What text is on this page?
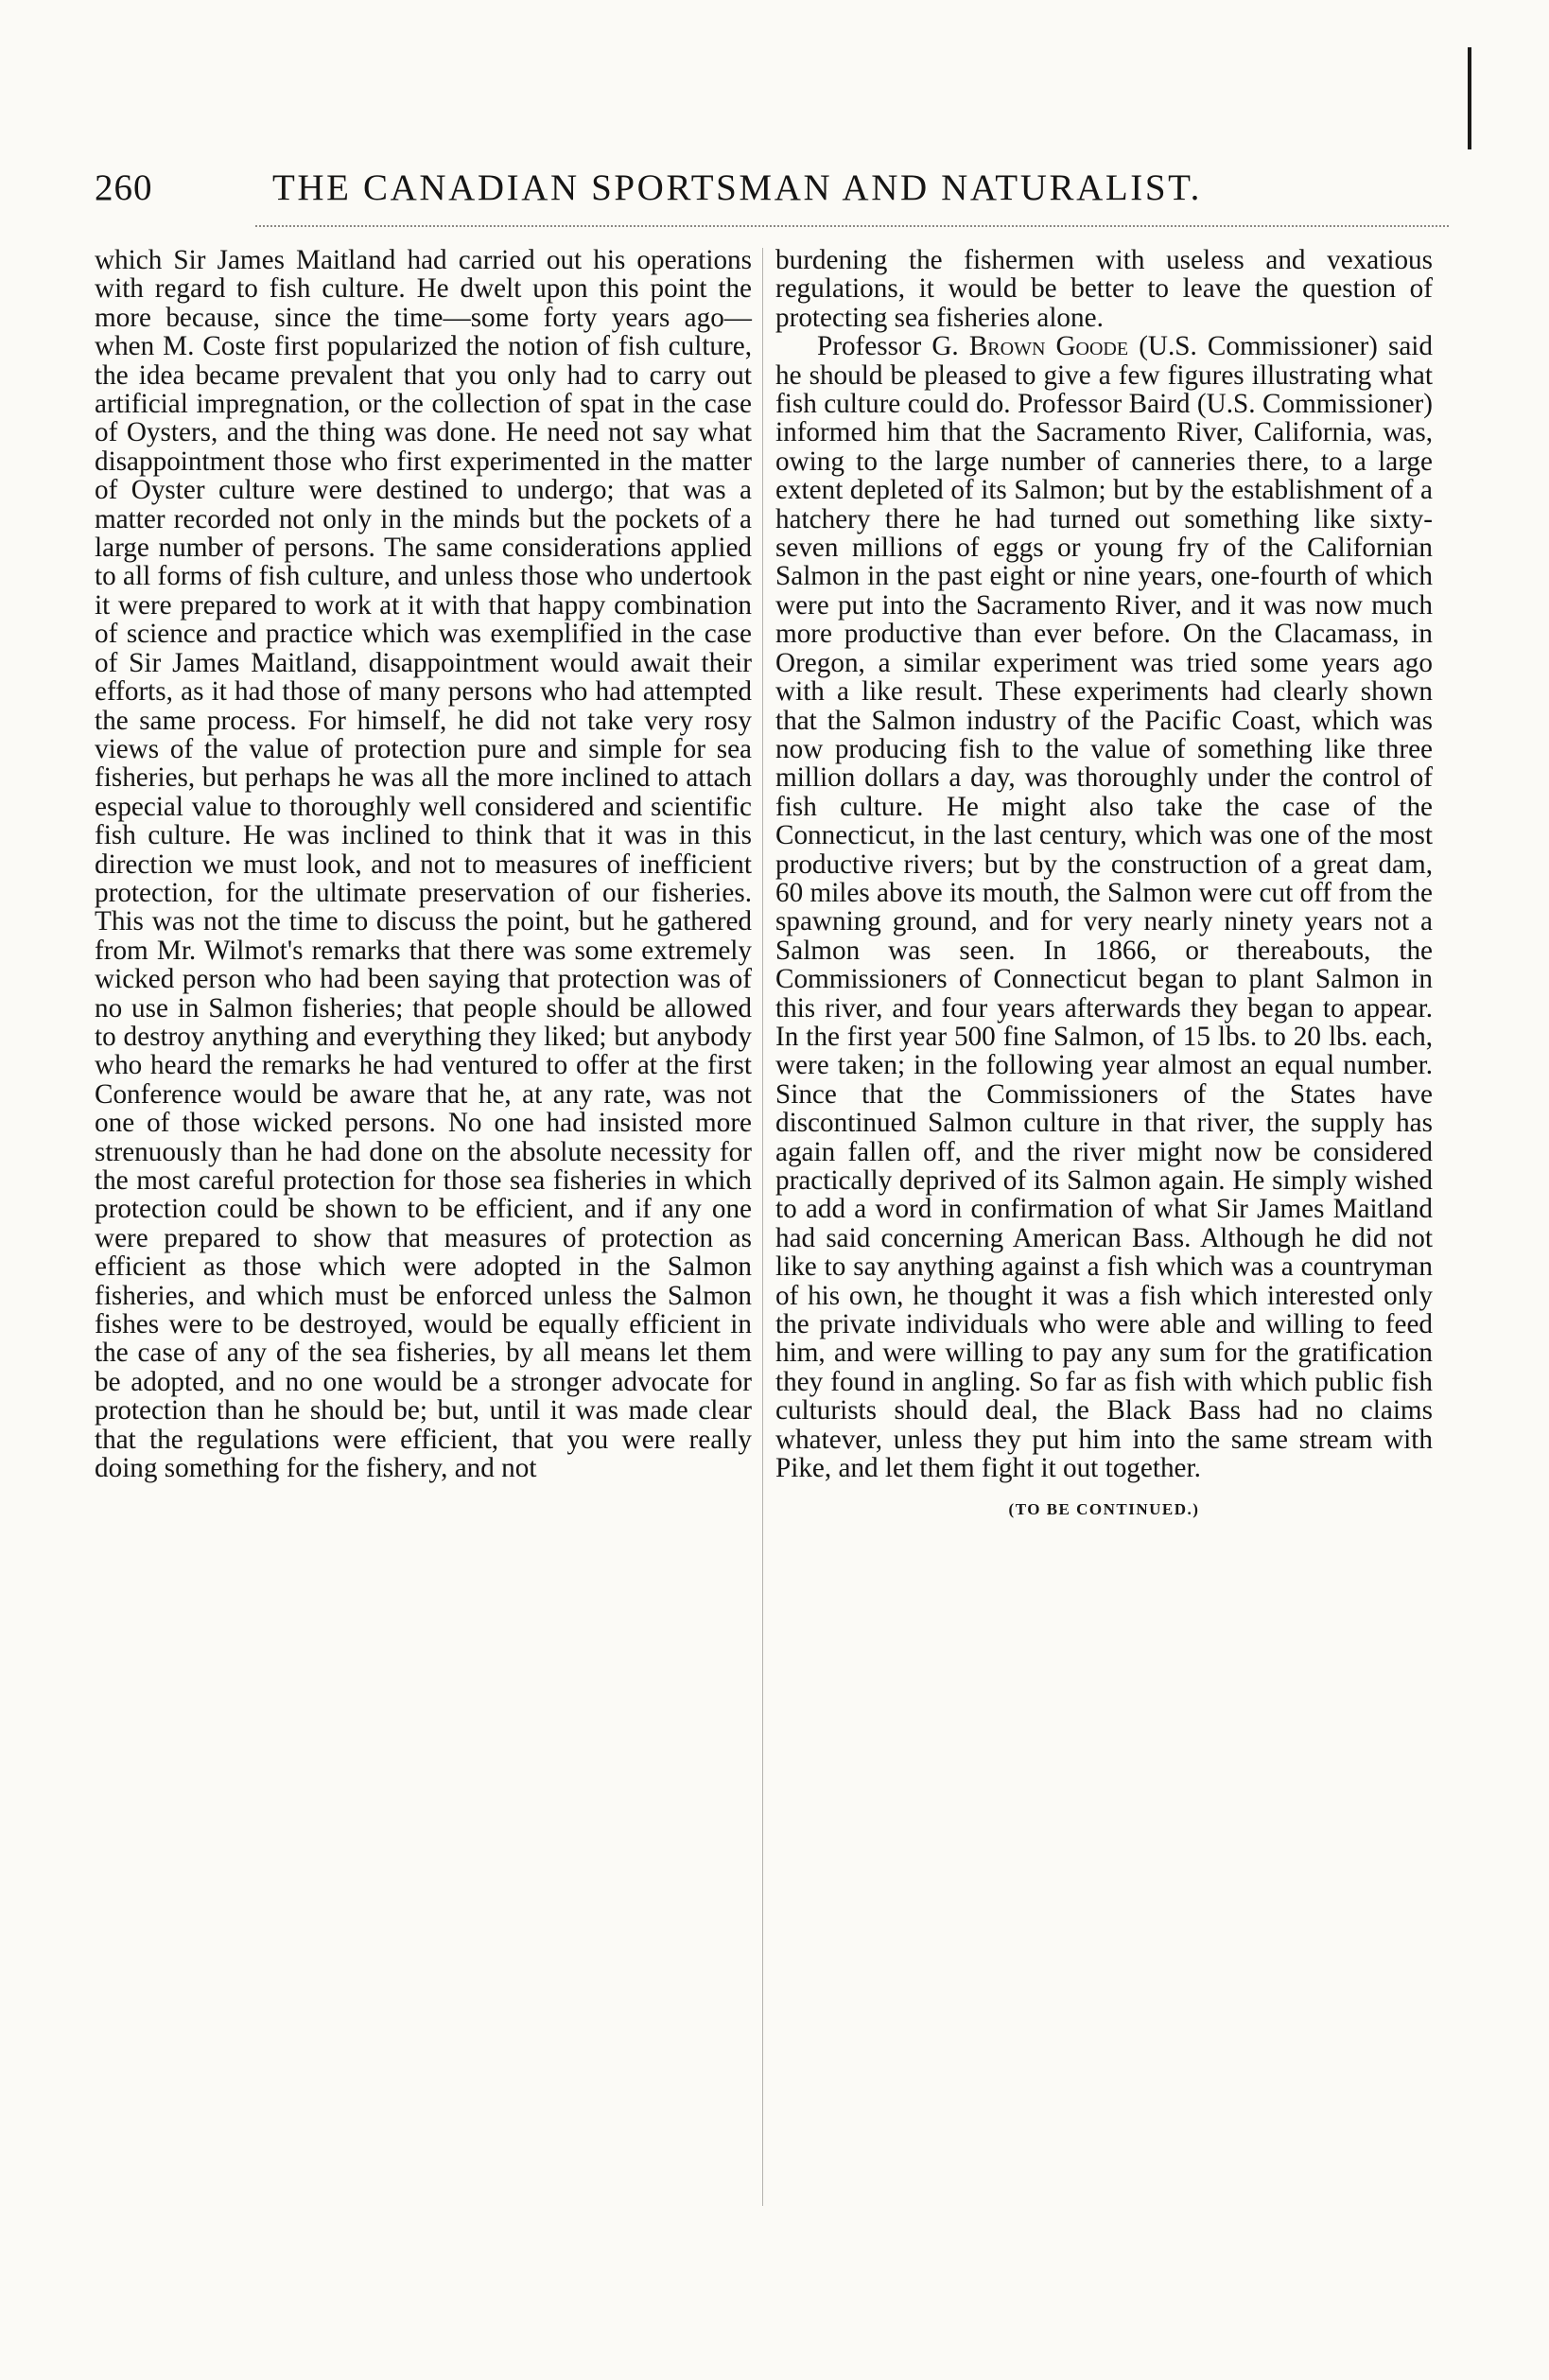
260	THE CANADIAN SPORTSMAN AND NATURALIST.

which Sir James Maitland had carried out his operations with regard to fish culture. He dwelt upon this point the more because, since the time—some forty years ago—when M. Coste first popularized the notion of fish culture, the idea became prevalent that you only had to carry out artificial impregnation, or the collection of spat in the case of Oysters, and the thing was done. He need not say what disappointment those who first experimented in the matter of Oyster culture were destined to undergo; that was a matter recorded not only in the minds but the pockets of a large number of persons. The same considerations applied to all forms of fish culture, and unless those who undertook it were prepared to work at it with that happy combination of science and practice which was exemplified in the case of Sir James Maitland, disappointment would await their efforts, as it had those of many persons who had attempted the same process. For himself, he did not take very rosy views of the value of protection pure and simple for sea fisheries, but perhaps he was all the more inclined to attach especial value to thoroughly well considered and scientific fish culture. He was inclined to think that it was in this direction we must look, and not to measures of inefficient protection, for the ultimate preservation of our fisheries. This was not the time to discuss the point, but he gathered from Mr. Wilmot's remarks that there was some extremely wicked person who had been saying that protection was of no use in Salmon fisheries; that people should be allowed to destroy anything and everything they liked; but anybody who heard the remarks he had ventured to offer at the first Conference would be aware that he, at any rate, was not one of those wicked persons. No one had insisted more strenuously than he had done on the absolute necessity for the most careful protection for those sea fisheries in which protection could be shown to be efficient, and if any one were prepared to show that measures of protection as efficient as those which were adopted in the Salmon fisheries, and which must be enforced unless the Salmon fishes were to be destroyed, would be equally efficient in the case of any of the sea fisheries, by all means let them be adopted, and no one would be a stronger advocate for protection than he should be; but, until it was made clear that the regulations were efficient, that you were really doing something for the fishery, and not

burdening the fishermen with useless and vexatious regulations, it would be better to leave the question of protecting sea fisheries alone.

Professor G. Brown Goode (U.S. Commissioner) said he should be pleased to give a few figures illustrating what fish culture could do. Professor Baird (U.S. Commissioner) informed him that the Sacramento River, California, was, owing to the large number of canneries there, to a large extent depleted of its Salmon; but by the establishment of a hatchery there he had turned out something like sixty-seven millions of eggs or young fry of the Californian Salmon in the past eight or nine years, one-fourth of which were put into the Sacramento River, and it was now much more productive than ever before. On the Clacamass, in Oregon, a similar experiment was tried some years ago with a like result. These experiments had clearly shown that the Salmon industry of the Pacific Coast, which was now producing fish to the value of something like three million dollars a day, was thoroughly under the control of fish culture. He might also take the case of the Connecticut, in the last century, which was one of the most productive rivers; but by the construction of a great dam, 60 miles above its mouth, the Salmon were cut off from the spawning ground, and for very nearly ninety years not a Salmon was seen. In 1866, or thereabouts, the Commissioners of Connecticut began to plant Salmon in this river, and four years afterwards they began to appear. In the first year 500 fine Salmon, of 15 lbs. to 20 lbs. each, were taken; in the following year almost an equal number. Since that the Commissioners of the States have discontinued Salmon culture in that river, the supply has again fallen off, and the river might now be considered practically deprived of its Salmon again. He simply wished to add a word in confirmation of what Sir James Maitland had said concerning American Bass. Although he did not like to say anything against a fish which was a countryman of his own, he thought it was a fish which interested only the private individuals who were able and willing to feed him, and were willing to pay any sum for the gratification they found in angling. So far as fish with which public fish culturists should deal, the Black Bass had no claims whatever, unless they put him into the same stream with Pike, and let them fight it out together.

(TO BE CONTINUED.)
